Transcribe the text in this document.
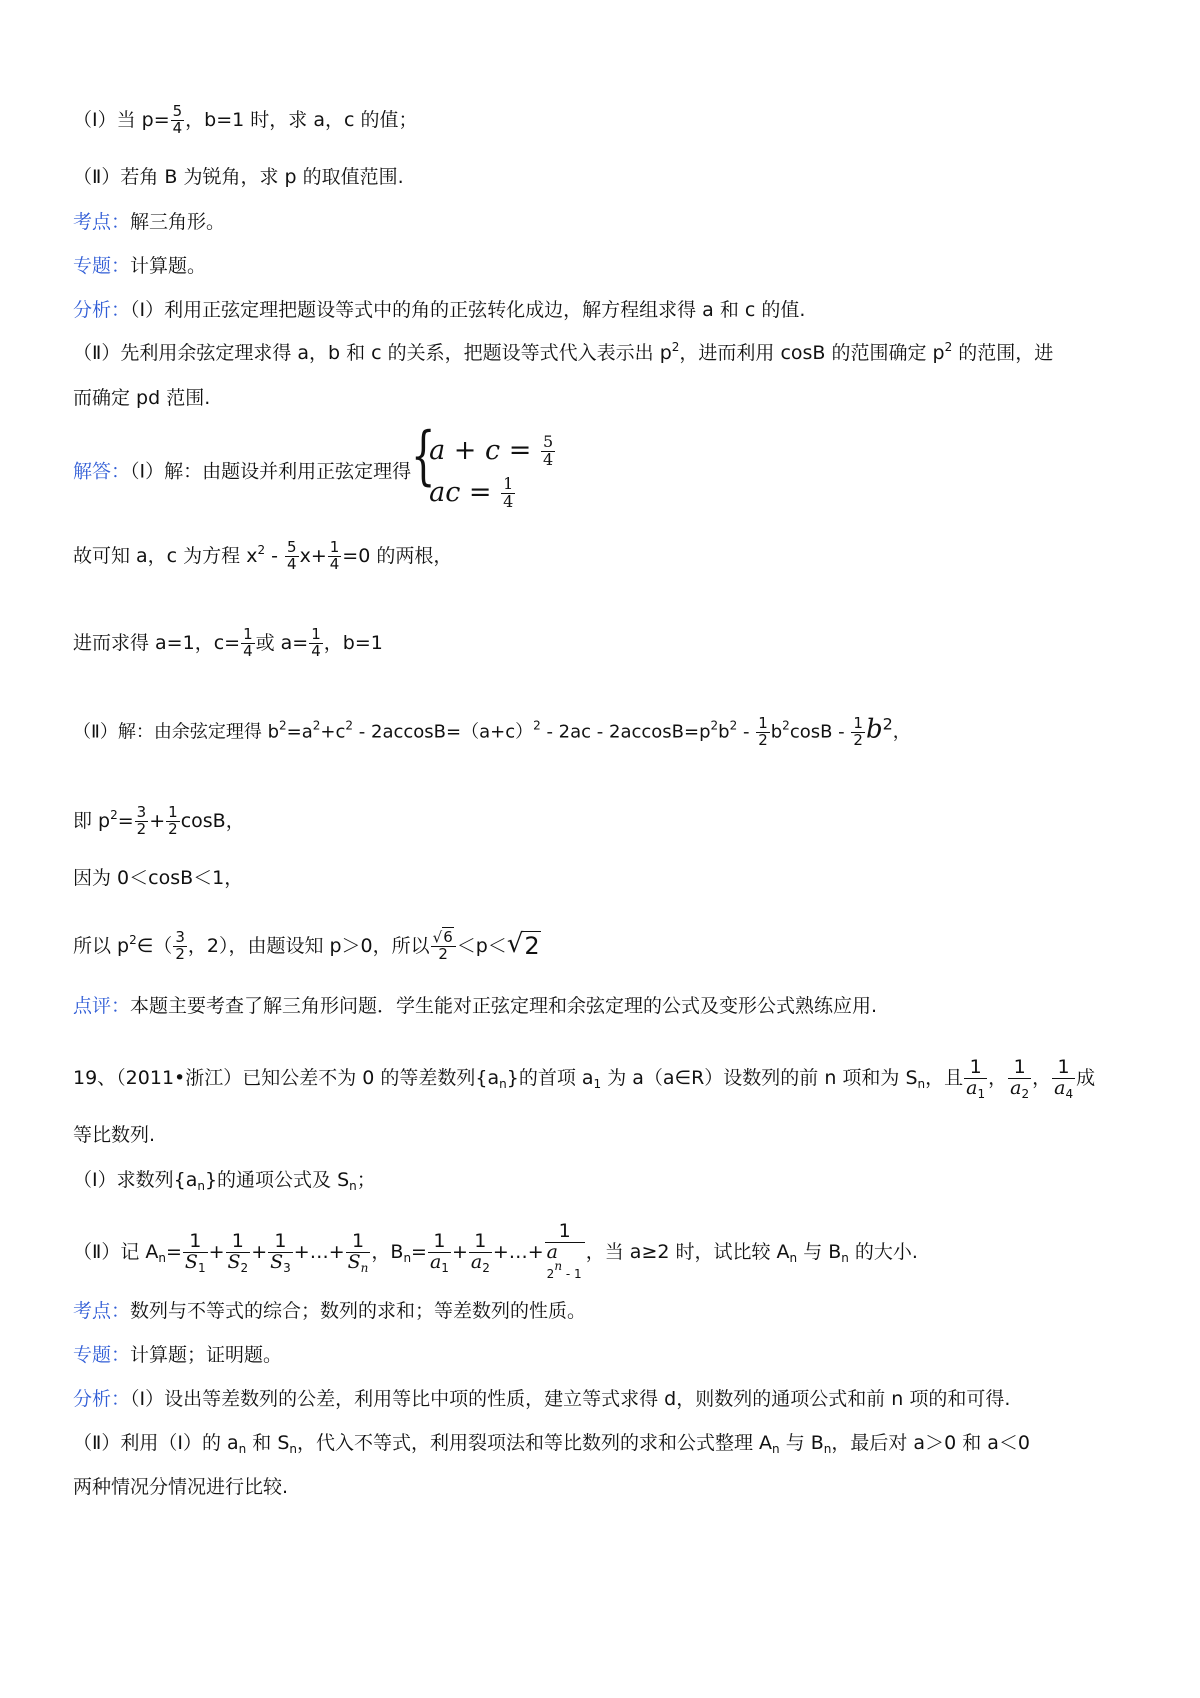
（Ⅰ）当 $p= \frac{5}{4}$ ，b=1 时，求 a，c 的值；
（Ⅱ）若角 B 为锐角，求 p 的取值范围.
考点：解三角形。
专题：计算题。
分析：（Ⅰ）利用正弦定理把题设等式中的角的正弦转化成边，解方程组求得 a 和 c 的值.
（Ⅱ）先利用余弦定理求得 a，b 和 c 的关系，把题设等式代入表示出 $p^2$，进而利用 cosB 的范围确定 $p^2$ 的范围，进
而确定 pd 范围.
解答：（Ⅰ）解：由题设并利用正弦定理得 {
$a + c = \frac{5}{4}$
ac = $\frac{1}{4}$
故可知 a，c 为方程 $x^2 - \frac{5}{4} x+ \frac{1}{4} =0$ 的两根，
进而求得 a=1，$c= \frac{1}{4}$ 或 $a= \frac{1}{4}$ ，b=1
（Ⅱ）解：由余弦定理得 $b^2=a^2+c^2 - 2accosB=(a+c)^2 - 2ac - 2accosB=p^2b^2 - \frac{1}{2} b^2\cos B - \frac{1}{2} b^2$，
即 $p^2= \frac{3}{2} + \frac{1}{2}$ cosB，
因为 0＜cosB＜1，
所以 $p^2\in( \frac{3}{2}$ ，2），由题设知 p＞0，所以 $\frac{√6}{2} <p<√2$
点评：本题主要考查了解三角形问题．学生能对正弦定理和余弦定理的公式及变形公式熟练应用.
19、（2011•浙江）已知公差不为 0 的等差数列$\{a_n\}$的首项 $a_1$ 为 a（a∈R）设数列的前 n 项和为 $S_n$，且 $\frac{1}{a_1}$ ， $\frac{1}{a_2}$ ， $\frac{1}{a_4}$ 成
等比数列.
（Ⅰ）求数列$\{a_n\}$的通项公式及 $S_n$；
（Ⅱ）记 $A_n= \frac{1}{S_1} + \frac{1}{S_2} + \frac{1}{S_3}$ +…+ $\frac{1}{S_n}$ ，$B_n= \frac{1}{a_1} + \frac{1}{a_2}$ +…+
1
a
2$^n$ - 1
，当 a≥2 时，试比较 $A_n$ 与 $B_n$ 的大小.
考点：数列与不等式的综合；数列的求和；等差数列的性质。
专题：计算题；证明题。
分析：（Ⅰ）设出等差数列的公差，利用等比中项的性质，建立等式求得 d，则数列的通项公式和前 n 项的和可得.
（Ⅱ）利用（Ⅰ）的 $a_n$ 和 $S_n$，代入不等式，利用裂项法和等比数列的求和公式整理 $A_n$ 与 $B_n$，最后对 a＞0 和 a＜0
两种情况分情况进行比较.
